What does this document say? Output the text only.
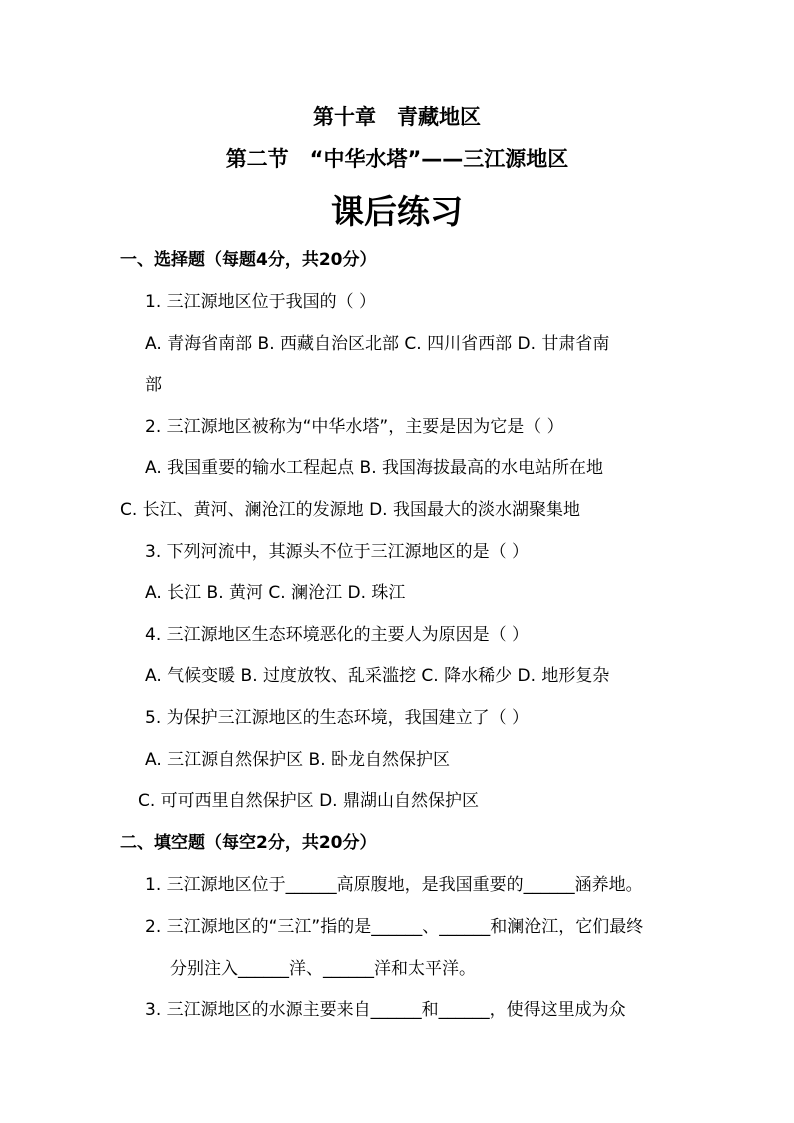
第十章　青藏地区
第二节　“中华水塔”——三江源地区
课后练习
一、选择题（每题4分，共20分）
1. 三江源地区位于我国的（ ）
A. 青海省南部 B. 西藏自治区北部 C. 四川省西部 D. 甘肃省南
部
2. 三江源地区被称为“中华水塔”，主要是因为它是（ ）
A. 我国重要的输水工程起点 B. 我国海拔最高的水电站所在地
C. 长江、黄河、澜沧江的发源地 D. 我国最大的淡水湖聚集地
3. 下列河流中，其源头不位于三江源地区的是（ ）
A. 长江 B. 黄河 C. 澜沧江 D. 珠江
4. 三江源地区生态环境恶化的主要人为原因是（ ）
A. 气候变暖 B. 过度放牧、乱采滥挖 C. 降水稀少 D. 地形复杂
5. 为保护三江源地区的生态环境，我国建立了（ ）
A. 三江源自然保护区 B. 卧龙自然保护区
C. 可可西里自然保护区 D. 鼎湖山自然保护区
二、填空题（每空2分，共20分）
1. 三江源地区位于______高原腹地，是我国重要的______涵养地。
2. 三江源地区的“三江”指的是______、______和澜沧江，它们最终
分别注入______洋、______洋和太平洋。
3. 三江源地区的水源主要来自______和______，使得这里成为众
